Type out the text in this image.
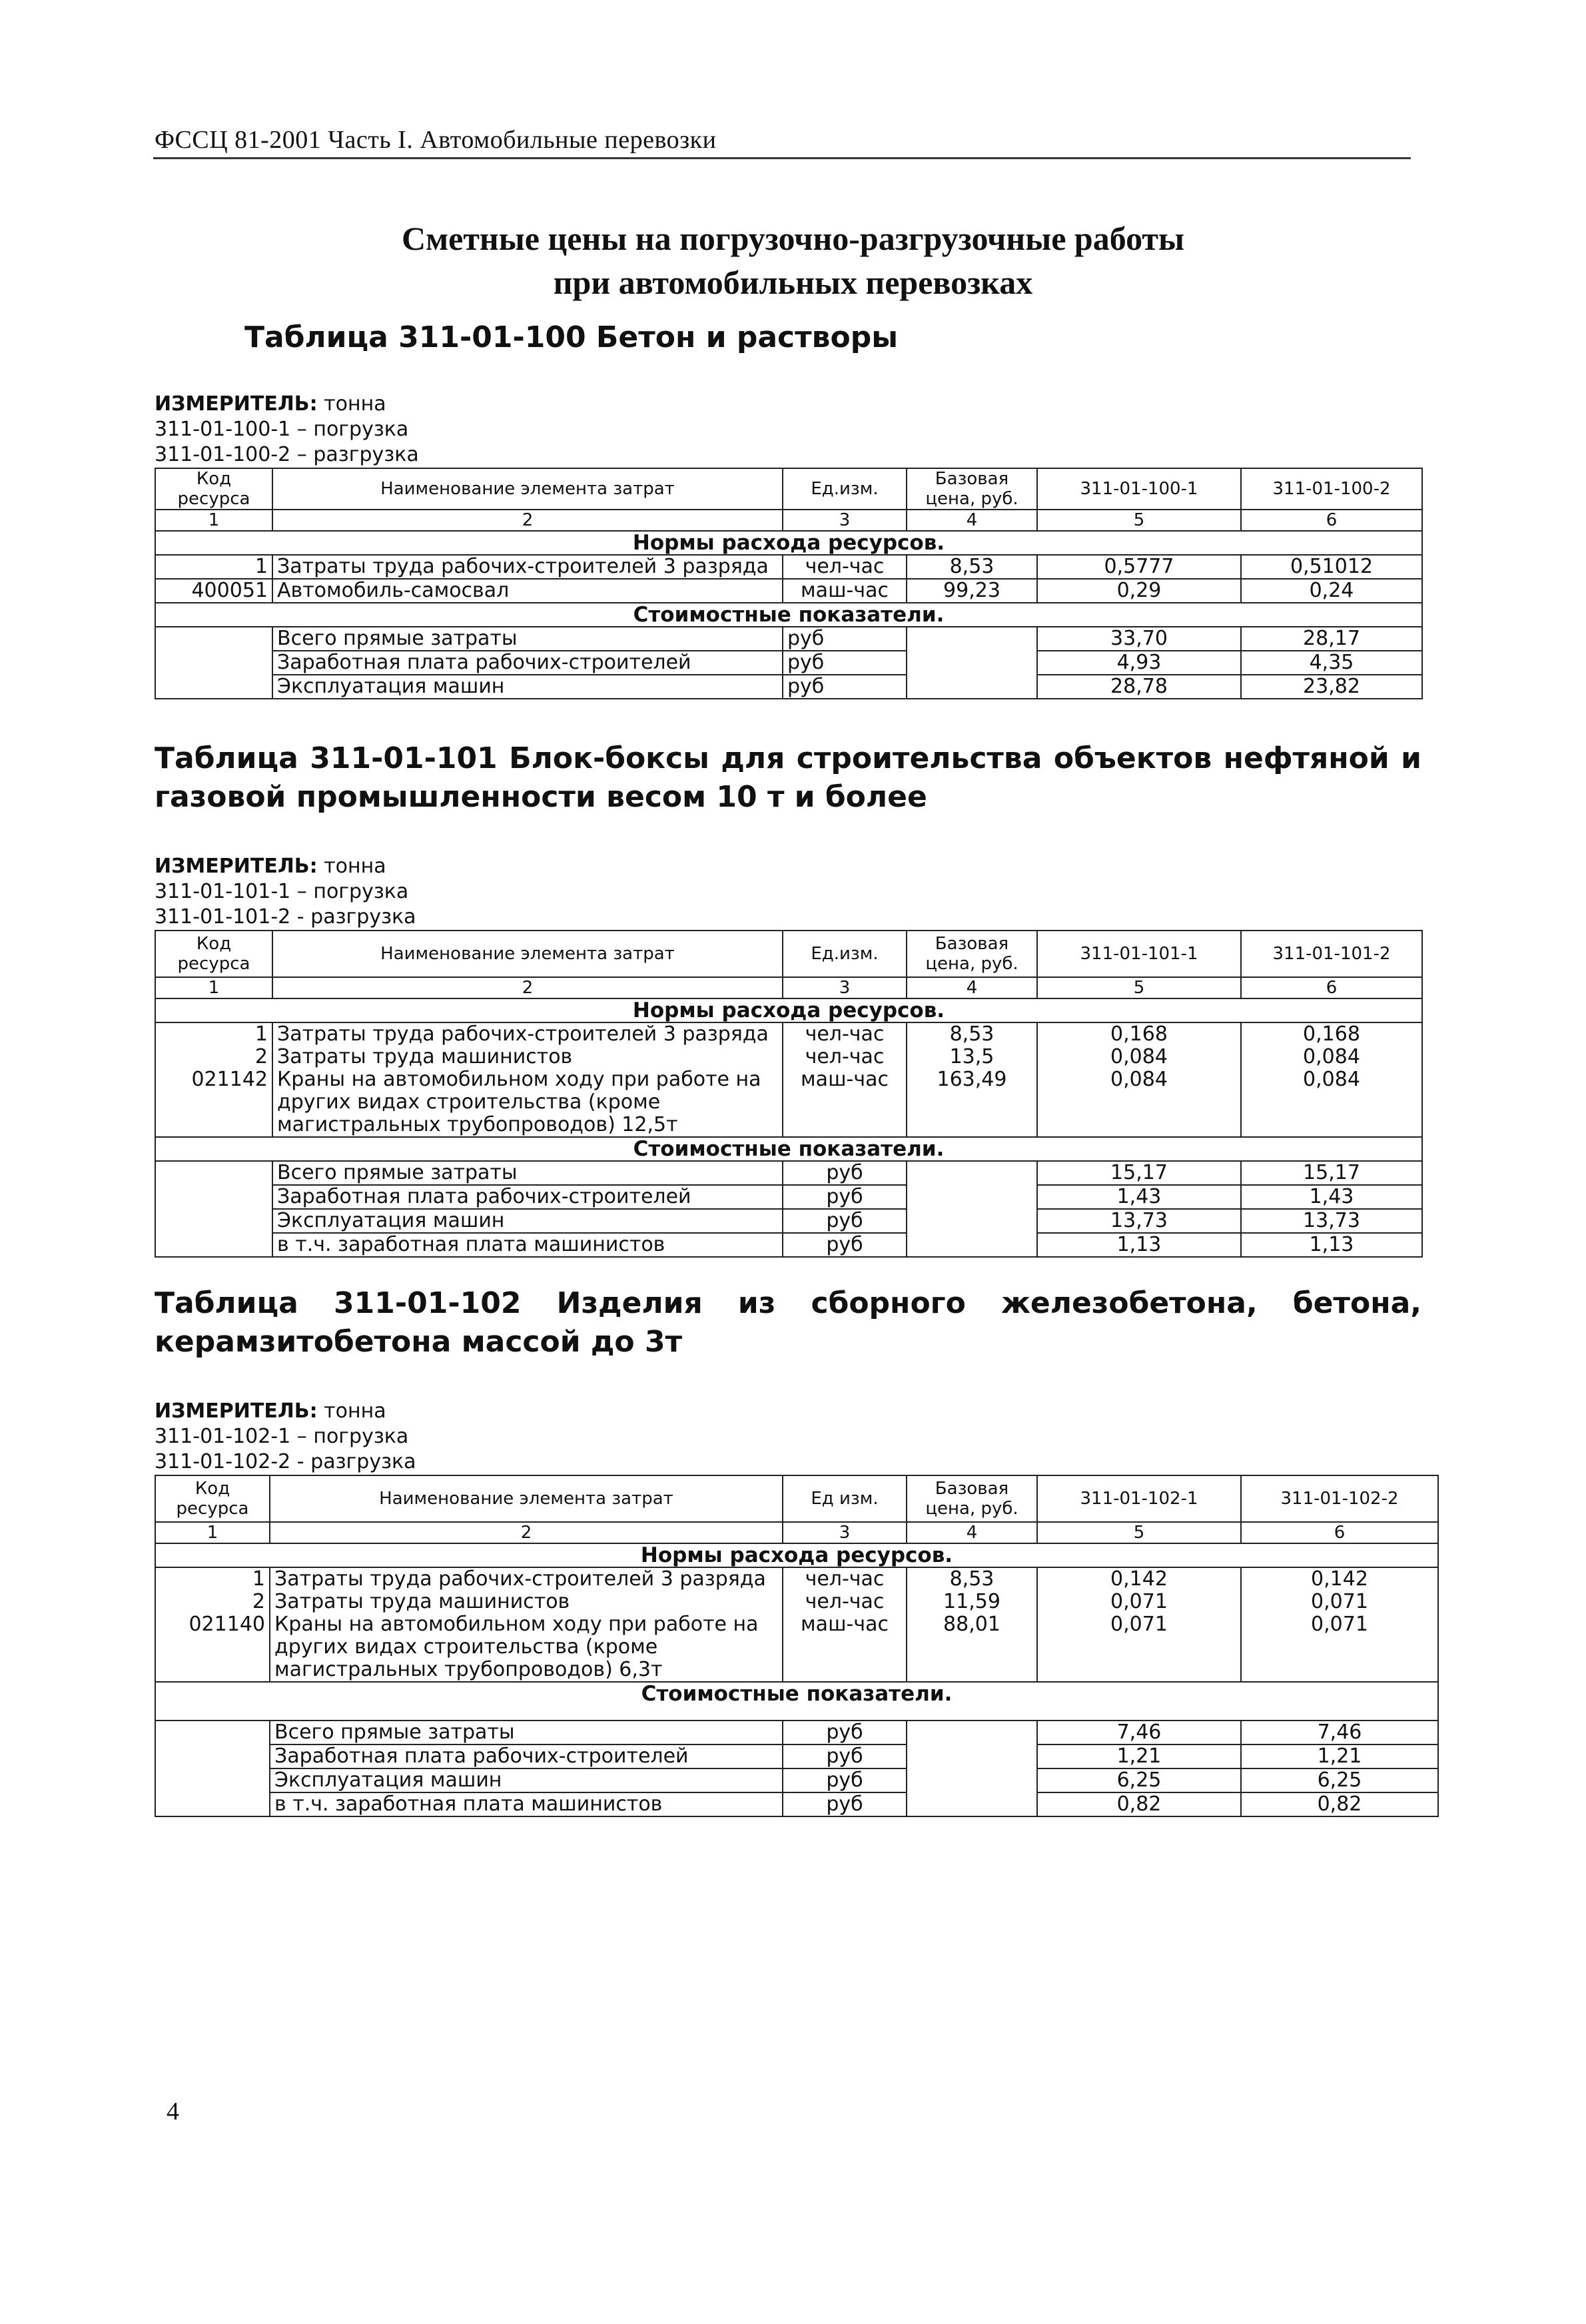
ФССЦ 81-2001 Часть I. Автомобильные перевозки
Сметные цены на погрузочно-разгрузочные работы
при автомобильных перевозках
Таблица 311-01-100 Бетон и растворы
ИЗМЕРИТЕЛЬ: тонна
311-01-100-1 – погрузка
311-01-100-2 – разгрузка
Код ресурса	Наименование элемента затрат	Ед.изм.	Базовая цена, руб.	311-01-100-1	311-01-100-2
1	2	3	4	5	6
Нормы расхода ресурсов.					
1	Затраты труда рабочих-строителей 3 разряда	чел-час	8,53	0,5777	0,51012
400051	Автомобиль-самосвал	маш-час	99,23	0,29	0,24
Стоимостные показатели.					
	Всего прямые затраты	руб		33,70	28,17
	Заработная плата рабочих-строителей	руб		4,93	4,35
	Эксплуатация машин	руб		28,78	23,82
Таблица 311-01-101 Блок-боксы для строительства объектов нефтяной и
газовой промышленности весом 10 т и более
ИЗМЕРИТЕЛЬ: тонна
311-01-101-1 – погрузка
311-01-101-2 - разгрузка
Код ресурса	Наименование элемента затрат	Ед.изм.	Базовая цена, руб.	311-01-101-1	311-01-101-2
1	2	3	4	5	6
Нормы расхода ресурсов.					
1	Затраты труда рабочих-строителей 3 разряда	чел-час	8,53	0,168	0,168
2	Затраты труда машинистов	чел-час	13,5	0,084	0,084
021142	Краны на автомобильном ходу при работе на
других видах строительства (кроме
магистральных трубопроводов) 12,5т	маш-час	163,49	0,084	0,084
Стоимостные показатели.					
	Всего прямые затраты	руб		15,17	15,17
	Заработная плата рабочих-строителей	руб		1,43	1,43
	Эксплуатация машин	руб		13,73	13,73
	в т.ч. заработная плата машинистов	руб		1,13	1,13
Таблица 311-01-102 Изделия из сборного железобетона, бетона,
керамзитобетона массой до 3т
ИЗМЕРИТЕЛЬ: тонна
311-01-102-1 – погрузка
311-01-102-2 - разгрузка
Код ресурса	Наименование элемента затрат	Ед изм.	Базовая цена, руб.	311-01-102-1	311-01-102-2
1	2	3	4	5	6
Нормы расхода ресурсов.					
1	Затраты труда рабочих-строителей 3 разряда	чел-час	8,53	0,142	0,142
2	Затраты труда машинистов	чел-час	11,59	0,071	0,071
021140	Краны на автомобильном ходу при работе на
других видах строительства (кроме
магистральных трубопроводов) 6,3т	маш-час	88,01	0,071	0,071
Стоимостные показатели.					
	Всего прямые затраты	руб		7,46	7,46
	Заработная плата рабочих-строителей	руб		1,21	1,21
	Эксплуатация машин	руб		6,25	6,25
	в т.ч. заработная плата машинистов	руб		0,82	0,82
4
